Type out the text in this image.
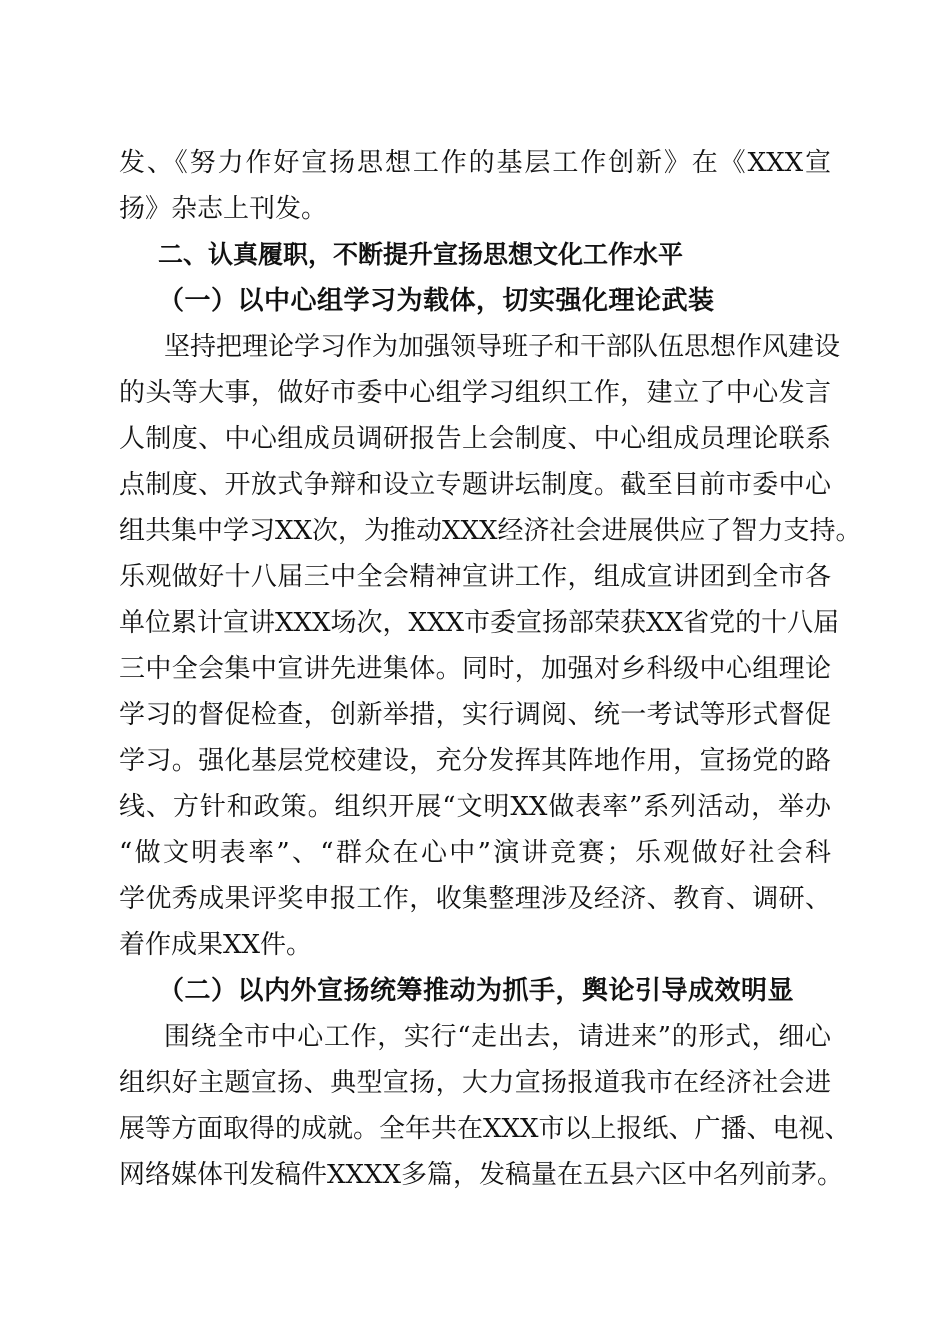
发、《努力作好宣扬思想工作的基层工作创新》在《XXX宣
扬》杂志上刊发。
二、认真履职，不断提升宣扬思想文化工作水平
（一）以中心组学习为载体，切实强化理论武装
坚持把理论学习作为加强领导班子和干部队伍思想作风建设
的头等大事，做好市委中心组学习组织工作，建立了中心发言
人制度、中心组成员调研报告上会制度、中心组成员理论联系
点制度、开放式争辩和设立专题讲坛制度。截至目前市委中心
组共集中学习XX次，为推动XXX经济社会进展供应了智力支持。
乐观做好十八届三中全会精神宣讲工作，组成宣讲团到全市各
单位累计宣讲XXX场次，XXX市委宣扬部荣获XX省党的十八届
三中全会集中宣讲先进集体。同时，加强对乡科级中心组理论
学习的督促检查，创新举措，实行调阅、统一考试等形式督促
学习。强化基层党校建设，充分发挥其阵地作用，宣扬党的路
线、方针和政策。组织开展“文明XX做表率”系列活动，举办
“做文明表率”、“群众在心中”演讲竞赛；乐观做好社会科
学优秀成果评奖申报工作，收集整理涉及经济、教育、调研、
着作成果XX件。
（二）以内外宣扬统筹推动为抓手，舆论引导成效明显
围绕全市中心工作，实行“走出去，请进来”的形式，细心
组织好主题宣扬、典型宣扬，大力宣扬报道我市在经济社会进
展等方面取得的成就。全年共在XXX市以上报纸、广播、电视、
网络媒体刊发稿件XXXX多篇，发稿量在五县六区中名列前茅。
